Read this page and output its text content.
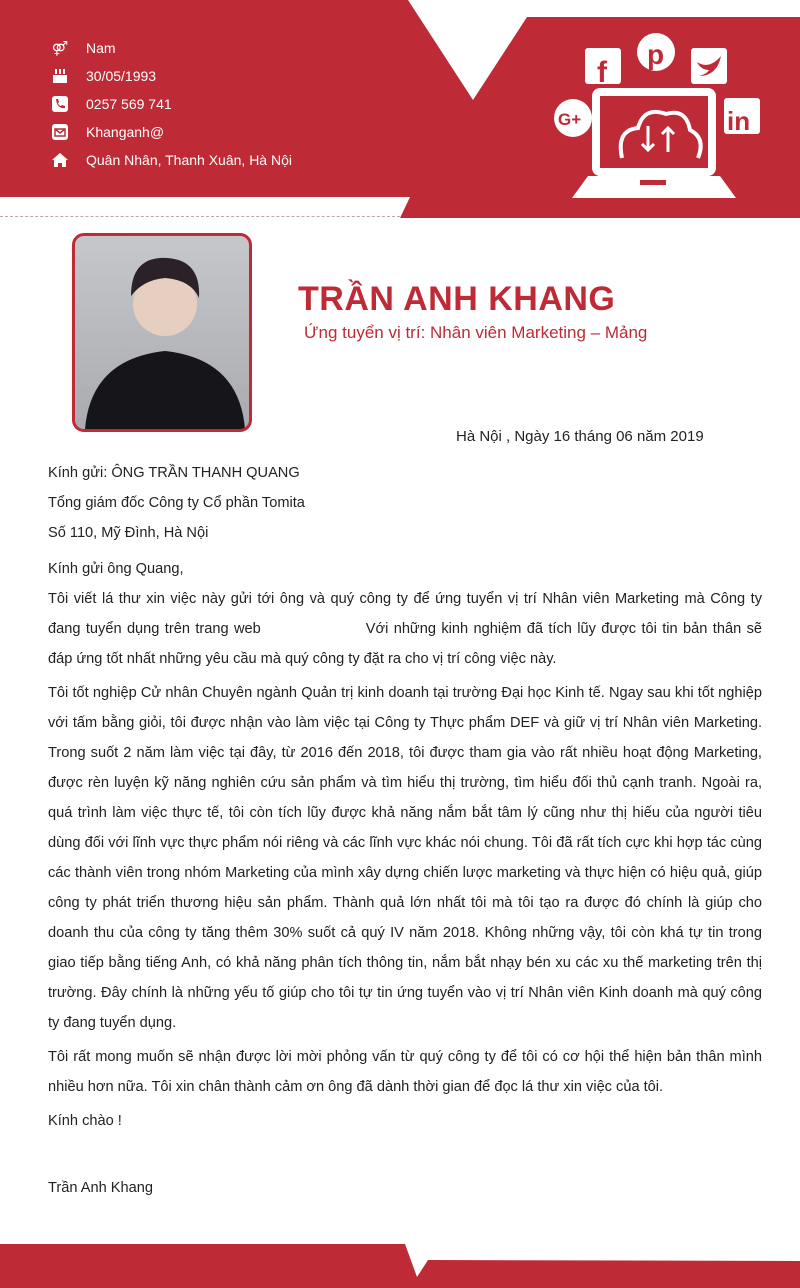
f
p
G+	in
⚤ Nam
30/05/1993
0257 569 741
Khanganh@
Quân Nhân, Thanh Xuân, Hà Nội
TRẦN ANH KHANG
Ứng tuyển vị trí: Nhân viên Marketing – Mảng
Hà Nội , Ngày 16 tháng 06 năm 2019
Kính gửi: ÔNG TRẦN THANH QUANG
Tổng giám đốc Công ty Cổ phần Tomita
Số 110, Mỹ Đình, Hà Nội
Kính gửi ông Quang,

Tôi viết lá thư xin việc này gửi tới ông và quý công ty để ứng tuyển vị trí Nhân viên Marketing mà Công ty đang tuyển dụng trên trang web	Với những kinh nghiệm đã tích lũy được tôi tin bản thân sẽ đáp ứng tốt nhất những yêu cầu mà quý công ty đặt ra cho vị trí công việc này.

Tôi tốt nghiệp Cử nhân Chuyên ngành Quản trị kinh doanh tại trường Đại học Kinh tế. Ngay sau khi tốt nghiệp với tấm bằng giỏi, tôi được nhận vào làm việc tại Công ty Thực phẩm DEF và giữ vị trí Nhân viên Marketing. Trong suốt 2 năm làm việc tại đây, từ 2016 đến 2018, tôi được tham gia vào rất nhiều hoạt động Marketing, được rèn luyện kỹ năng nghiên cứu sản phẩm và tìm hiểu thị trường, tìm hiểu đối thủ cạnh tranh. Ngoài ra, quá trình làm việc thực tế, tôi còn tích lũy được khả năng nắm bắt tâm lý cũng như thị hiếu của người tiêu dùng đối với lĩnh vực thực phẩm nói riêng và các lĩnh vực khác nói chung. Tôi đã rất tích cực khi hợp tác cùng các thành viên trong nhóm Marketing của mình xây dựng chiến lược marketing và thực hiện có hiệu quả, giúp công ty phát triển thương hiệu sản phẩm. Thành quả lớn nhất tôi mà tôi tạo ra được đó chính là giúp cho doanh thu của công ty tăng thêm 30% suốt cả quý IV năm 2018. Không những vậy, tôi còn khá tự tin trong giao tiếp bằng tiếng Anh, có khả năng phân tích thông tin, nắm bắt nhạy bén xu các xu thế marketing trên thị trường. Đây chính là những yếu tố giúp cho tôi tự tin ứng tuyển vào vị trí Nhân viên Kinh doanh mà quý công ty đang tuyển dụng.

Tôi rất mong muốn sẽ nhận được lời mời phỏng vấn từ quý công ty để tôi có cơ hội thể hiện bản thân mình nhiều hơn nữa. Tôi xin chân thành cảm ơn ông đã dành thời gian để đọc lá thư xin việc của tôi.

Kính chào !
Trần Anh Khang
